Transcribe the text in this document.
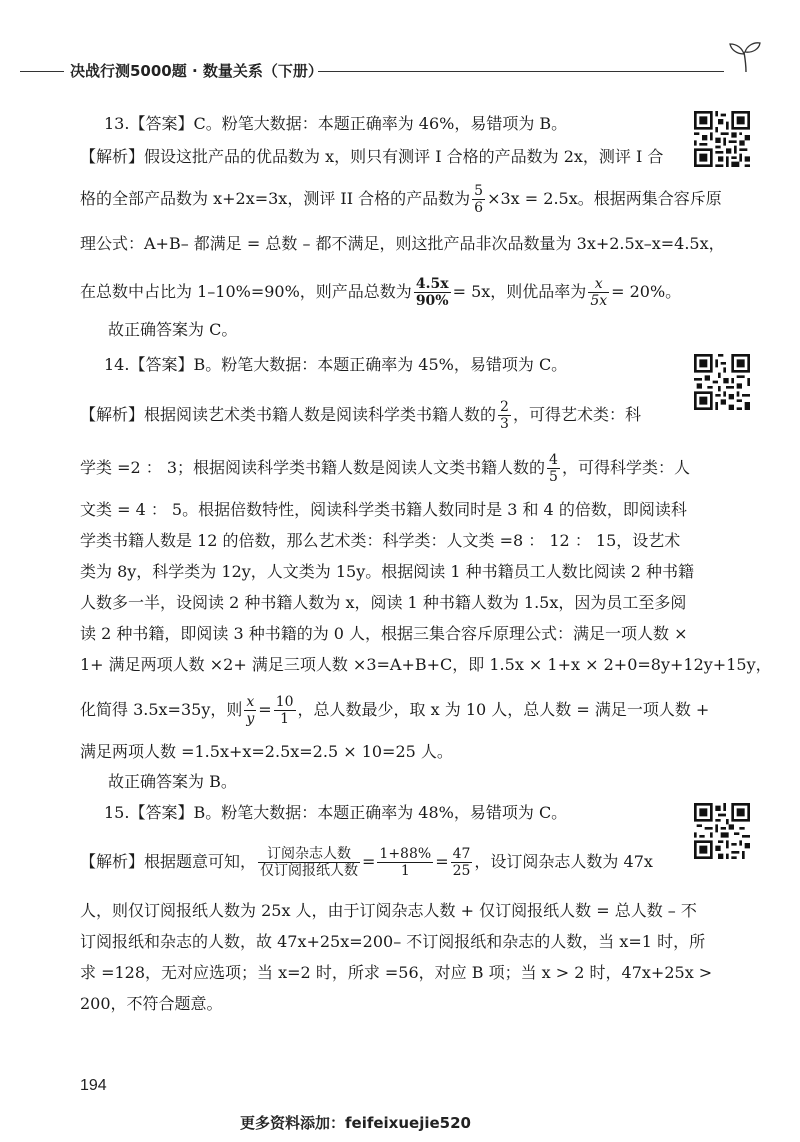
决战行测5000题 · 数量关系（下册）
13.【答案】C。粉笔大数据：本题正确率为 46%，易错项为 B。
【解析】假设这批产品的优品数为 x，则只有测评 I 合格的产品数为 2x，测评 I 合
格的全部产品数为 x+2x=3x，测评 II 合格的产品数为 $\frac{5}{6} \times 3x = 2.5x$。根据两集合容斥原
理公式：A+B– 都满足 = 总数 – 都不满足，则这批产品非次品数量为 3x+2.5x–x=4.5x，
在总数中占比为 1–10%=90%，则产品总数为 $\frac{4.5x}{90\%} = 5x$，则优品率为 $\frac{x}{5x} = 20\%$。
故正确答案为 C。
14.【答案】B。粉笔大数据：本题正确率为 45%，易错项为 C。
【解析】根据阅读艺术类书籍人数是阅读科学类书籍人数的 $\frac{2}{3}$ ，可得艺术类：科
学类 =2 ： 3；根据阅读科学类书籍人数是阅读人文类书籍人数的 $\frac{4}{5}$ ，可得科学类：人
文类 = 4 ： 5。根据倍数特性，阅读科学类书籍人数同时是 3 和 4 的倍数，即阅读科
学类书籍人数是 12 的倍数，那么艺术类：科学类：人文类 =8 ： 12 ： 15，设艺术
类为 8y，科学类为 12y，人文类为 15y。根据阅读 1 种书籍员工人数比阅读 2 种书籍
人数多一半，设阅读 2 种书籍人数为 x，阅读 1 种书籍人数为 1.5x，因为员工至多阅
读 2 种书籍，即阅读 3 种书籍的为 0 人，根据三集合容斥原理公式：满足一项人数 ×
1+ 满足两项人数 ×2+ 满足三项人数 ×3=A+B+C，即 1.5x × 1+x × 2+0=8y+12y+15y，
化简得 3.5x=35y，则 $\frac{x}{y} = \frac{10}{1}$ ，总人数最少，取 x 为 10 人，总人数 = 满足一项人数 +
满足两项人数 =1.5x+x=2.5x=2.5 × 10=25 人。
故正确答案为 B。
15.【答案】B。粉笔大数据：本题正确率为 48%，易错项为 C。
【解析】根据题意可知， $\frac{\text{订阅杂志人数}}{\text{仅订阅报纸人数}} = \frac{1+88\%}{1} = \frac{47}{25}$ ，设订阅杂志人数为 47x
人，则仅订阅报纸人数为 25x 人，由于订阅杂志人数 + 仅订阅报纸人数 = 总人数 – 不
订阅报纸和杂志的人数，故 47x+25x=200– 不订阅报纸和杂志的人数，当 x=1 时，所
求 =128，无对应选项；当 x=2 时，所求 =56，对应 B 项；当 x > 2 时，47x+25x >
200，不符合题意。
194
更多资料添加：feifeixuejie520
